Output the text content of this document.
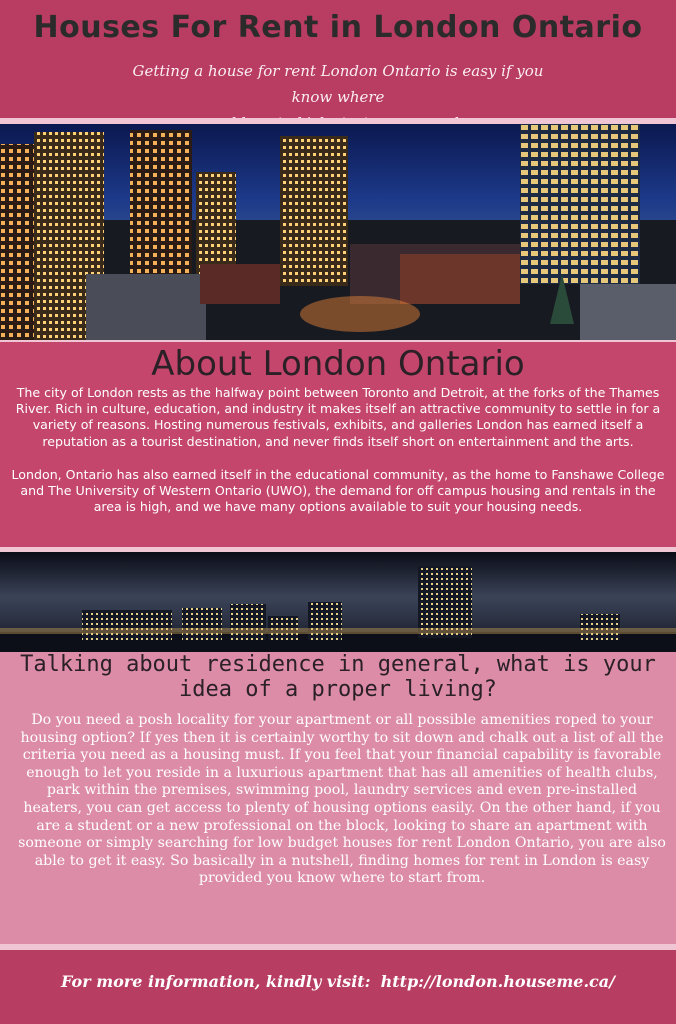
Houses For Rent in London Ontario
Getting a house for rent London Ontario is easy if you know where

About London Ontario

The city of London rests as the halfway point between Toronto and Detroit, at the forks of the Thames River. Rich in culture, education, and industry it makes itself an attractive community to settle in for a variety of reasons. Hosting numerous festivals, exhibits, and galleries London has earned itself a reputation as a tourist destination, and never finds itself short on entertainment and the arts.

London, Ontario has also earned itself in the educational community, as the home to Fanshawe College and The University of Western Ontario (UWO), the demand for off campus housing and rentals in the area is high, and we have many options available to suit your housing needs.

Talking about residence in general, what is your
idea of a proper living?
Do you need a posh locality for your apartment or all possible amenities roped to your housing option? If yes then it is certainly worthy to sit down and chalk out a list of all the criteria you need as a housing must. If you feel that your financial capability is favorable enough to let you reside in a luxurious apartment that has all amenities of health clubs, park within the premises, swimming pool, laundry services and even pre-installed heaters, you can get access to plenty of housing options easily. On the other hand, if you are a student or a new professional on the block, looking to share an apartment with someone or simply searching for low budget houses for rent London Ontario, you are also able to get it easy. So basically in a nutshell, finding homes for rent in London is easy provided you know where to start from.
For more information, kindly visit: http://london.houseme.ca/
